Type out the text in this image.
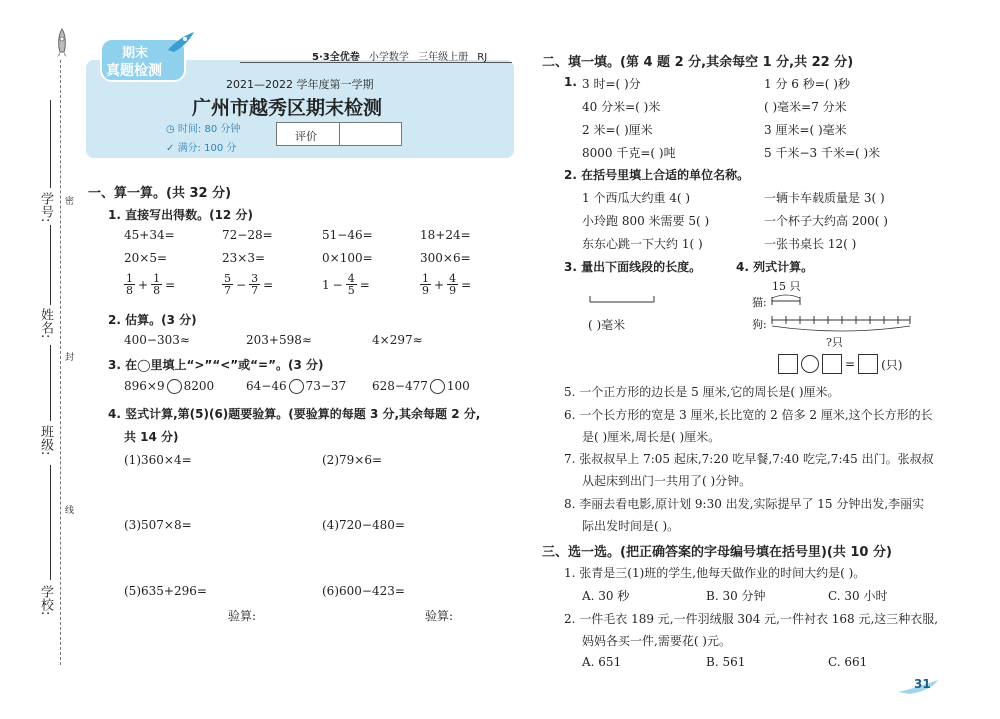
学号:
姓名:
班级:
学校:
密
封
线
期末
真题检测
5·3全优卷 小学数学 三年级上册 RJ
2021—2022 学年度第一学期
广州市越秀区期末检测
◷ 时间: 80 分钟
✓ 满分: 100 分
评价
一、算一算。(共 32 分)
1. 直接写出得数。(12 分)
45+34=	72−28=	51−46=	18+24=
20×5=	23×3=	0×100=	300×6=
$\frac{1}{8} + \frac{1}{8}$ =	$\frac{5}{7} - \frac{3}{7}$ =	$1 - \frac{4}{5}$ =	$\frac{1}{9} + \frac{4}{9}$ =
2. 估算。(3 分)
400−303≈	203+598≈	4×297≈
3. 在◯里填上“>”“<”或“=”。(3 分)
896×9 8200	64−46 73−37 628−477 100
4. 竖式计算,第(5)(6)题要验算。(要验算的每题 3 分,其余每题 2 分,
共 14 分)
(1)360×4=	(2)79×6=
(3)507×8=	(4)720−480=
(5)635+296=	(6)600−423=
验算:	验算:
二、填一填。(第 4 题 2 分,其余每空 1 分,共 22 分)
1. 3 时=( )分	1 分 6 秒=( )秒
40 分米=( )米	( )毫米=7 分米
2 米=( )厘米	3 厘米=( )毫米
8000 千克=( )吨	5 千米−3 千米=( )米
2. 在括号里填上合适的单位名称。
1 个西瓜大约重 4( )	一辆卡车载质量是 3( )
小玲跑 800 米需要 5( )	一个杯子大约高 200( )
东东心跳一下大约 1( )	一张书桌长 12( )
3. 量出下面线段的长度。	4. 列式计算。
( )毫米
15 只
猫:
狗:
?只
= (只)
5. 一个正方形的边长是 5 厘米,它的周长是( )厘米。
6. 一个长方形的宽是 3 厘米,长比宽的 2 倍多 2 厘米,这个长方形的长
是( )厘米,周长是( )厘米。
7. 张叔叔早上 7:05 起床,7:20 吃早餐,7:40 吃完,7:45 出门。张叔叔
从起床到出门一共用了( )分钟。
8. 李丽去看电影,原计划 9:30 出发,实际提早了 15 分钟出发,李丽实
际出发时间是( )。
三、选一选。(把正确答案的字母编号填在括号里)(共 10 分)
1. 张青是三(1)班的学生,他每天做作业的时间大约是( )。
A. 30 秒	B. 30 分钟	C. 30 小时
2. 一件毛衣 189 元,一件羽绒服 304 元,一件衬衣 168 元,这三种衣服,
妈妈各买一件,需要花( )元。
A. 651	B. 561	C. 661
31
